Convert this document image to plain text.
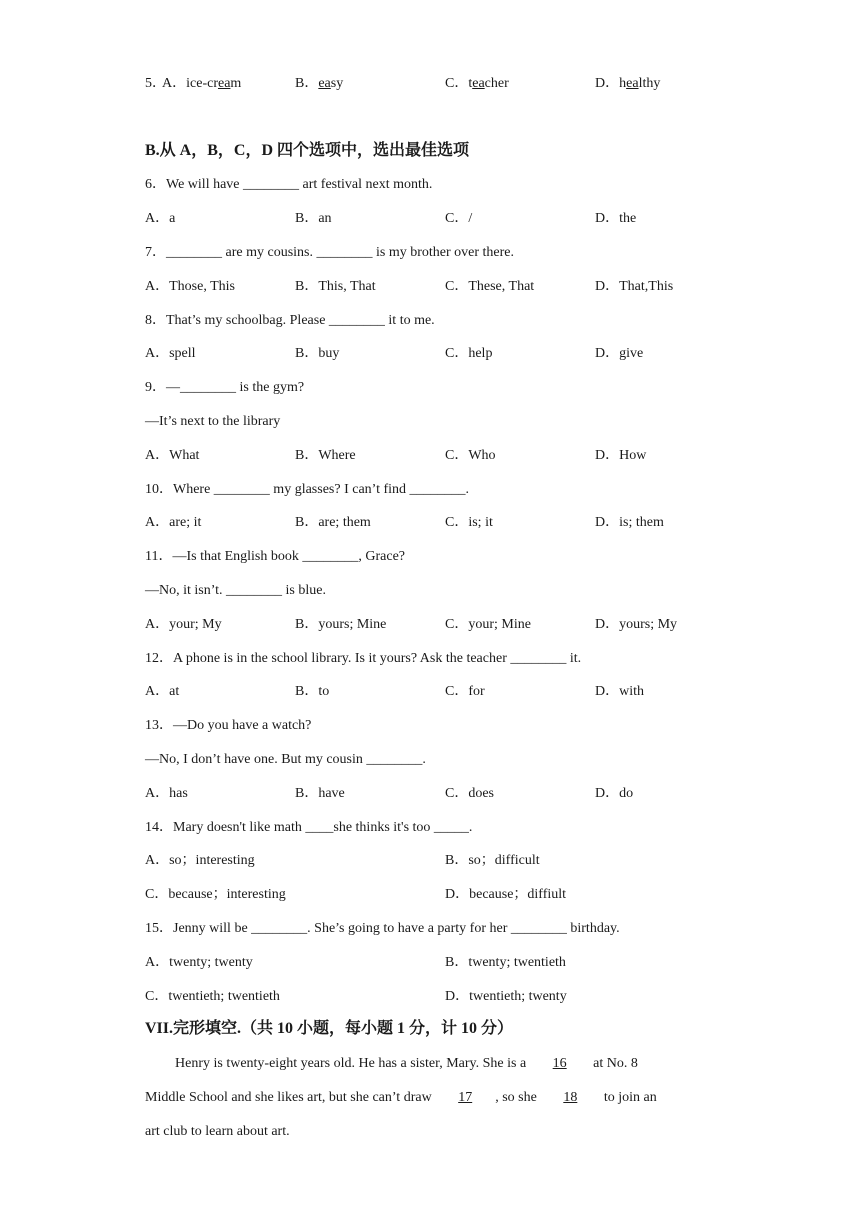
5．
A．ice-cream	B．easy	C．teacher	D．healthy
B.从 A，B，C，D 四个选项中，选出最佳选项
6．We will have ________ art festival next month.
A．a	B．an	C．/	D．the
7．________ are my cousins. ________ is my brother over there.
A．Those, This	B．This, That	C．These, That	D．That,This
8．That’s my schoolbag. Please ________ it to me.
A．spell	B．buy	C．help	D．give
9．—________ is the gym?
—It’s next to the library
A．What	B．Where	C．Who	D．How
10．Where ________ my glasses? I can’t find ________.
A．are; it	B．are; them	C．is; it	D．is; them
11．—Is that English book ________, Grace?
—No, it isn’t. ________ is blue.
A．your; My	B．yours; Mine	C．your; Mine	D．yours; My
12．A phone is in the school library. Is it yours? Ask the teacher ________ it.
A．at	B．to	C．for	D．with
13．—Do you have a watch?
—No, I don’t have one. But my cousin ________.
A．has	B．have	C．does	D．do
14．Mary doesn't like math ____she thinks it's too _____.
A．so；interesting	B．so；difficult
C．because；interesting	D．because；diffiult
15．Jenny will be ________. She’s going to have a party for her ________ birthday.
A．twenty; twenty	B．twenty; twentieth
C．twentieth; twentieth	D．twentieth; twenty
VII.完形填空.（共 10 小题，每小题 1 分，计 10 分）
Henry is twenty-eight years old. He has a sister, Mary. She is a 16 at No. 8
Middle School and she likes art, but she can’t draw 17 , so she 18 to join an
art club to learn about art.
